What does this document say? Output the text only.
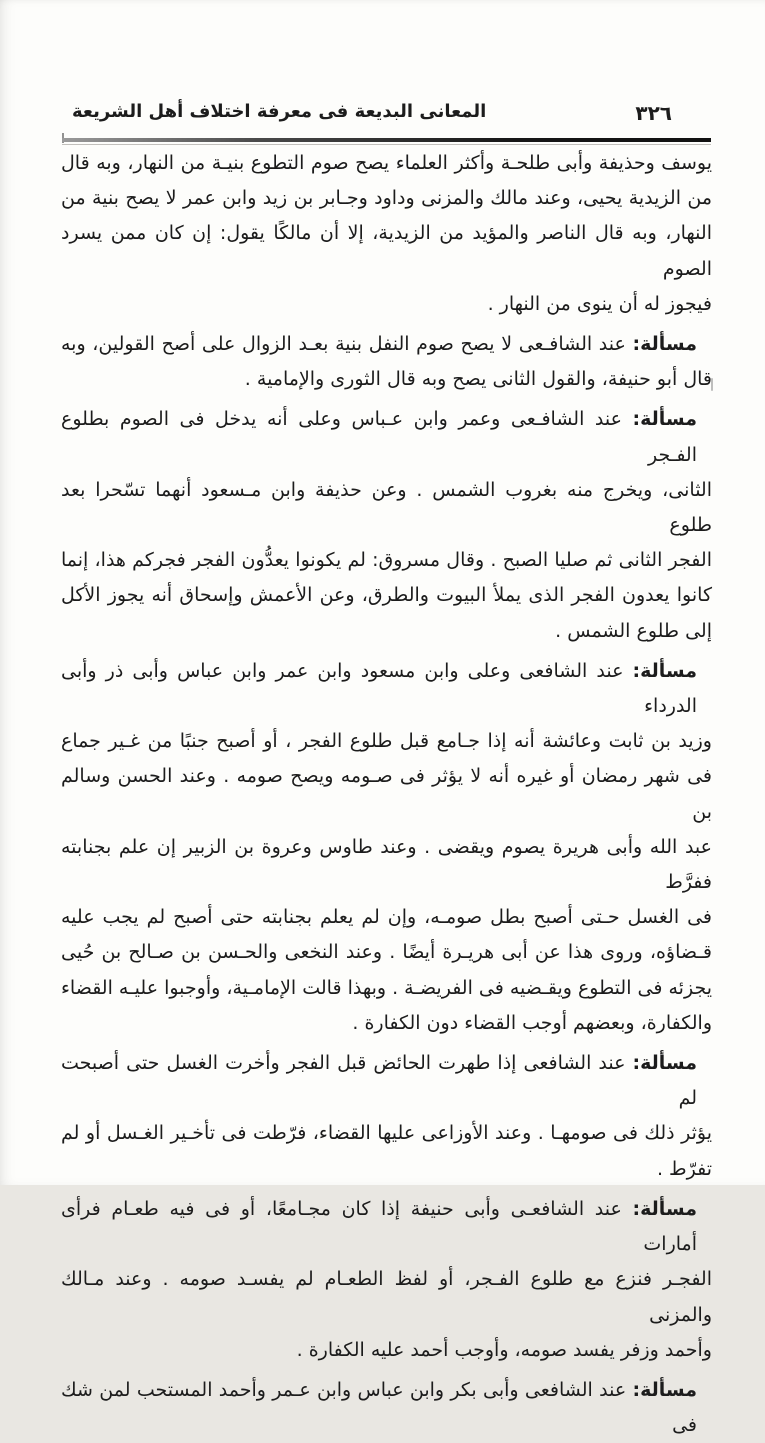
المعانى البديعة فى معرفة اختلاف أهل الشريعة	٣٢٦
يوسف وحذيفة وأبى طلحـة وأكثر العلماء يصح صوم التطوع بنيـة من النهار، وبه قال
من الزيدية يحيى، وعند مالك والمزنى وداود وجـابر بن زيد وابن عمر لا يصح بنية من
النهار، وبه قال الناصر والمؤيد من الزيدية، إلا أن مالكًا يقول: إن كان ممن يسرد الصوم
فيجوز له أن ينوى من النهار .
مسألة: عند الشافـعى لا يصح صوم النفل بنية بعـد الزوال على أصح القولين، وبه
قال أبو حنيفة، والقول الثانى يصح وبه قال الثورى والإمامية .
مسألة: عند الشافـعى وعمر وابن عـباس وعلى أنه يدخل فى الصوم بطلوع الفـجر
الثانى، ويخرج منه بغروب الشمس . وعن حذيفة وابن مـسعود أنهما تسّحرا بعد طلوع
الفجر الثانى ثم صليا الصبح . وقال مسروق: لم يكونوا يعدُّون الفجر فجركم هذا، إنما
كانوا يعدون الفجر الذى يملأ البيوت والطرق، وعن الأعمش وإسحاق أنه يجوز الأكل
إلى طلوع الشمس .
مسألة: عند الشافعى وعلى وابن مسعود وابن عمر وابن عباس وأبى ذر وأبى الدرداء
وزيد بن ثابت وعائشة أنه إذا جـامع قبل طلوع الفجر ، أو أصبح جنبًا من غـير جماع
فى شهر رمضان أو غيره أنه لا يؤثر فى صـومه ويصح صومه . وعند الحسن وسالم بن
عبد الله وأبى هريرة يصوم ويقضى . وعند طاوس وعروة بن الزبير إن علم بجنابته ففرَّط
فى الغسل حـتى أصبح بطل صومـه، وإن لم يعلم بجنابته حتى أصبح لم يجب عليه
قـضاؤه، وروى هذا عن أبى هريـرة أيضًا . وعند النخعى والحـسن بن صـالح بن حُيى
يجزئه فى التطوع ويقـضيه فى الفريضـة . وبهذا قالت الإمامـية، وأوجبوا عليـه القضاء
والكفارة، وبعضهم أوجب القضاء دون الكفارة .
مسألة: عند الشافعى إذا طهرت الحائض قبل الفجر وأخرت الغسل حتى أصبحت لم
يؤثر ذلك فى صومهـا . وعند الأوزاعى عليها القضاء، فرّطت فى تأخـير الغـسل أو لم
تفرّط .
مسألة: عند الشافعـى وأبى حنيفة إذا كان مجـامعًا، أو فى فيه طعـام فرأى أمارات
الفجـر فنزع مع طلوع الفـجر، أو لفظ الطعـام لم يفسـد صومه . وعند مـالك والمزنى
وأحمد وزفر يفسد صومه، وأوجب أحمد عليه الكفارة .
مسألة: عند الشافعى وأبى بكر وابن عباس وابن عـمر وأحمد المستحب لمن شك فى
